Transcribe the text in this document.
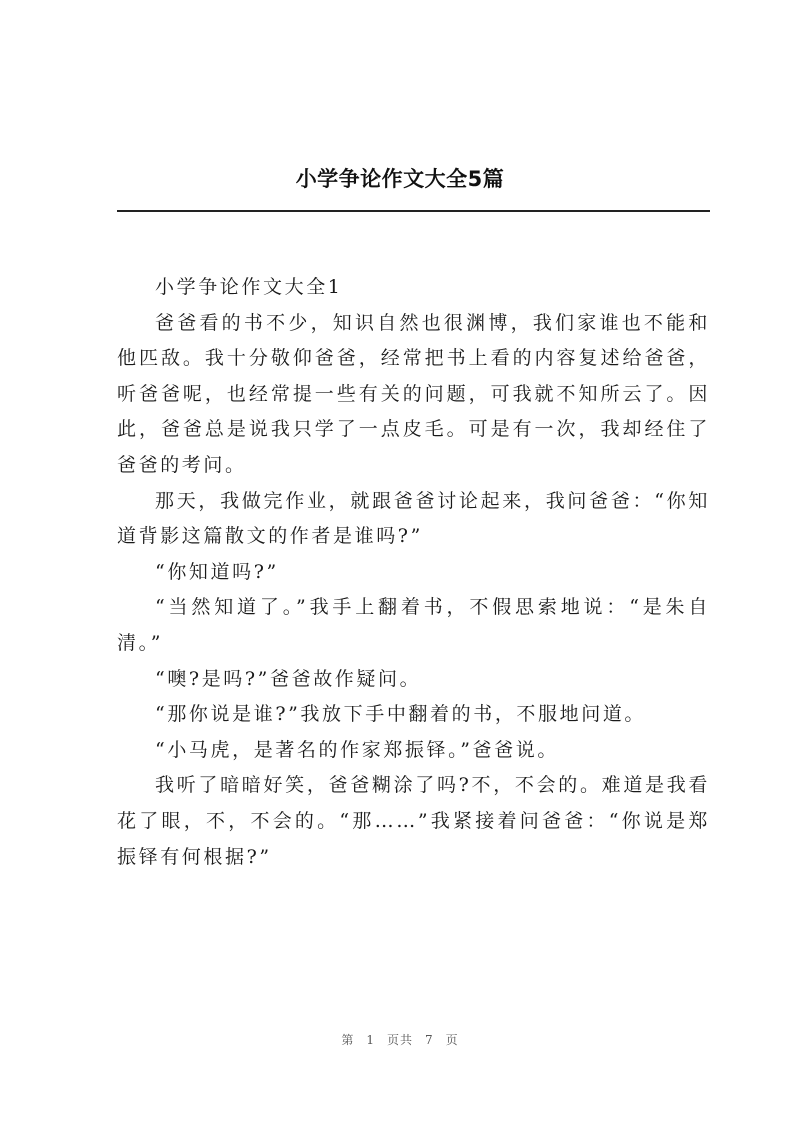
小学争论作文大全5篇

小学争论作文大全1

爸爸看的书不少，知识自然也很渊博，我们家谁也不能和他匹敌。我十分敬仰爸爸，经常把书上看的内容复述给爸爸，听爸爸呢，也经常提一些有关的问题，可我就不知所云了。因此，爸爸总是说我只学了一点皮毛。可是有一次，我却经住了爸爸的考问。

那天，我做完作业，就跟爸爸讨论起来，我问爸爸：“你知道背影这篇散文的作者是谁吗?”

“你知道吗?”

“当然知道了。”我手上翻着书，不假思索地说：“是朱自清。”

“噢?是吗?”爸爸故作疑问。

“那你说是谁?”我放下手中翻着的书，不服地问道。

“小马虎，是著名的作家郑振铎。”爸爸说。

我听了暗暗好笑，爸爸糊涂了吗?不，不会的。难道是我看花了眼，不，不会的。“那……”我紧接着问爸爸：“你说是郑振铎有何根据?”

第 1 页共 7 页
